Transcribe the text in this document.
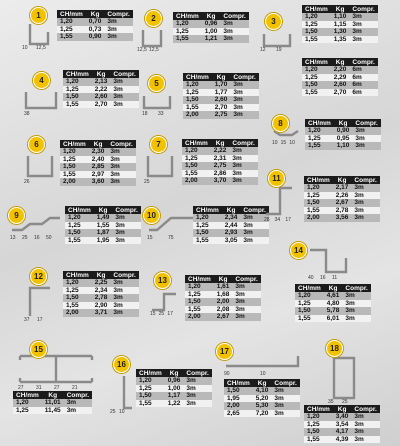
10 12,5
1	CH/mm	Kg	Compr.
1,20	0,70	3m
1,25	0,73	3m
1,55	0,90	3m
12,5 12,5
2	CH/mm	Kg	Compr.
1,20	0,96	3m
1,25	1,00	3m
1,55	1,21	3m
12 19
3
CH/mm	Kg	Compr.
1,20	1,10	3m
1,25	1,15	3m
1,50	1,30	3m
1,55	1,35	3m
CH/mm	Kg	Compr.
1,20	2,20	6m
1,25	2,29	6m
1,50	2,60	6m
1,55	2,70	6m
38
4
CH/mm	Kg	Compr.
1,20	2,13	3m
1,25	2,22	3m
1,50	2,60	3m
1,55	2,70	3m
18 33
5
CH/mm	Kg	Compr.
1,20	1,70	3m
1,25	1,77	3m
1,50	2,60	3m
1,55	2,70	3m
2,00	2,75	3m
26
6	CH/mm	Kg	Compr.
1,20	2,30	3m
1,25	2,40	3m
1,50	2,85	3m
1,55	2,97	3m
2,00	3,60	3m	25
7	CH/mm	Kg	Compr.
1,20	2,22	3m
1,25	2,31	3m
1,50	2,75	3m
1,55	2,86	3m
2,00	3,70	3m
10 15 10
8	CH/mm	Kg	Compr.
1,20	0,90	3m
1,25	0,95	3m
1,55	1,10	3m
13 25 16 50
9
CH/mm	Kg	Compr.
1,20	1,49	3m
1,25	1,55	3m
1,50	1,87	3m
1,55	1,95	3m	15	75
10
CH/mm	Kg	Compr.
1,20	2,34	3m
1,25	2,44	3m
1,50	2,93	3m
1,55	3,05	3m
28 34 17
11	CH/mm	Kg	Compr.
1,20	2,17	3m
1,25	2,26	3m
1,50	2,67	3m
1,55	2,78	3m
2,00	3,56	3m
37 17
12	CH/mm	Kg	Compr.
1,20	2,25	3m
1,25	2,34	3m
1,50	2,78	3m
1,55	2,90	3m
2,00	3,71	3m	15 25 17
13	CH/mm	Kg	Compr.
1,20	1,61	3m
1,25	1,68	3m
1,50	2,00	3m
1,55	2,08	3m
2,00	2,67	3m
40 16 11
14
CH/mm	Kg	Compr.
1,20	4,61	3m
1,25	4,80	3m
1,50	5,78	3m
1,55	6,01	3m
27 31 27 21
15
CH/mm	Kg	Compr.
1,20	11,01	3m
1,25	11,45	3m	25 10
16
CH/mm	Kg	Compr.
1,20	0,96	3m
1,25	1,00	3m
1,50	1,17	3m
1,55	1,22	3m
90	10
17
CH/mm	Kg	Compr.
1,50	4,10	3m
1,95	5,20	3m
2,00	5,30	3m
2,65	7,20	3m
35 25
18
CH/mm	Kg	Compr.
1,20	3,40	3m
1,25	3,54	3m
1,50	4,17	3m
1,55	4,39	3m
